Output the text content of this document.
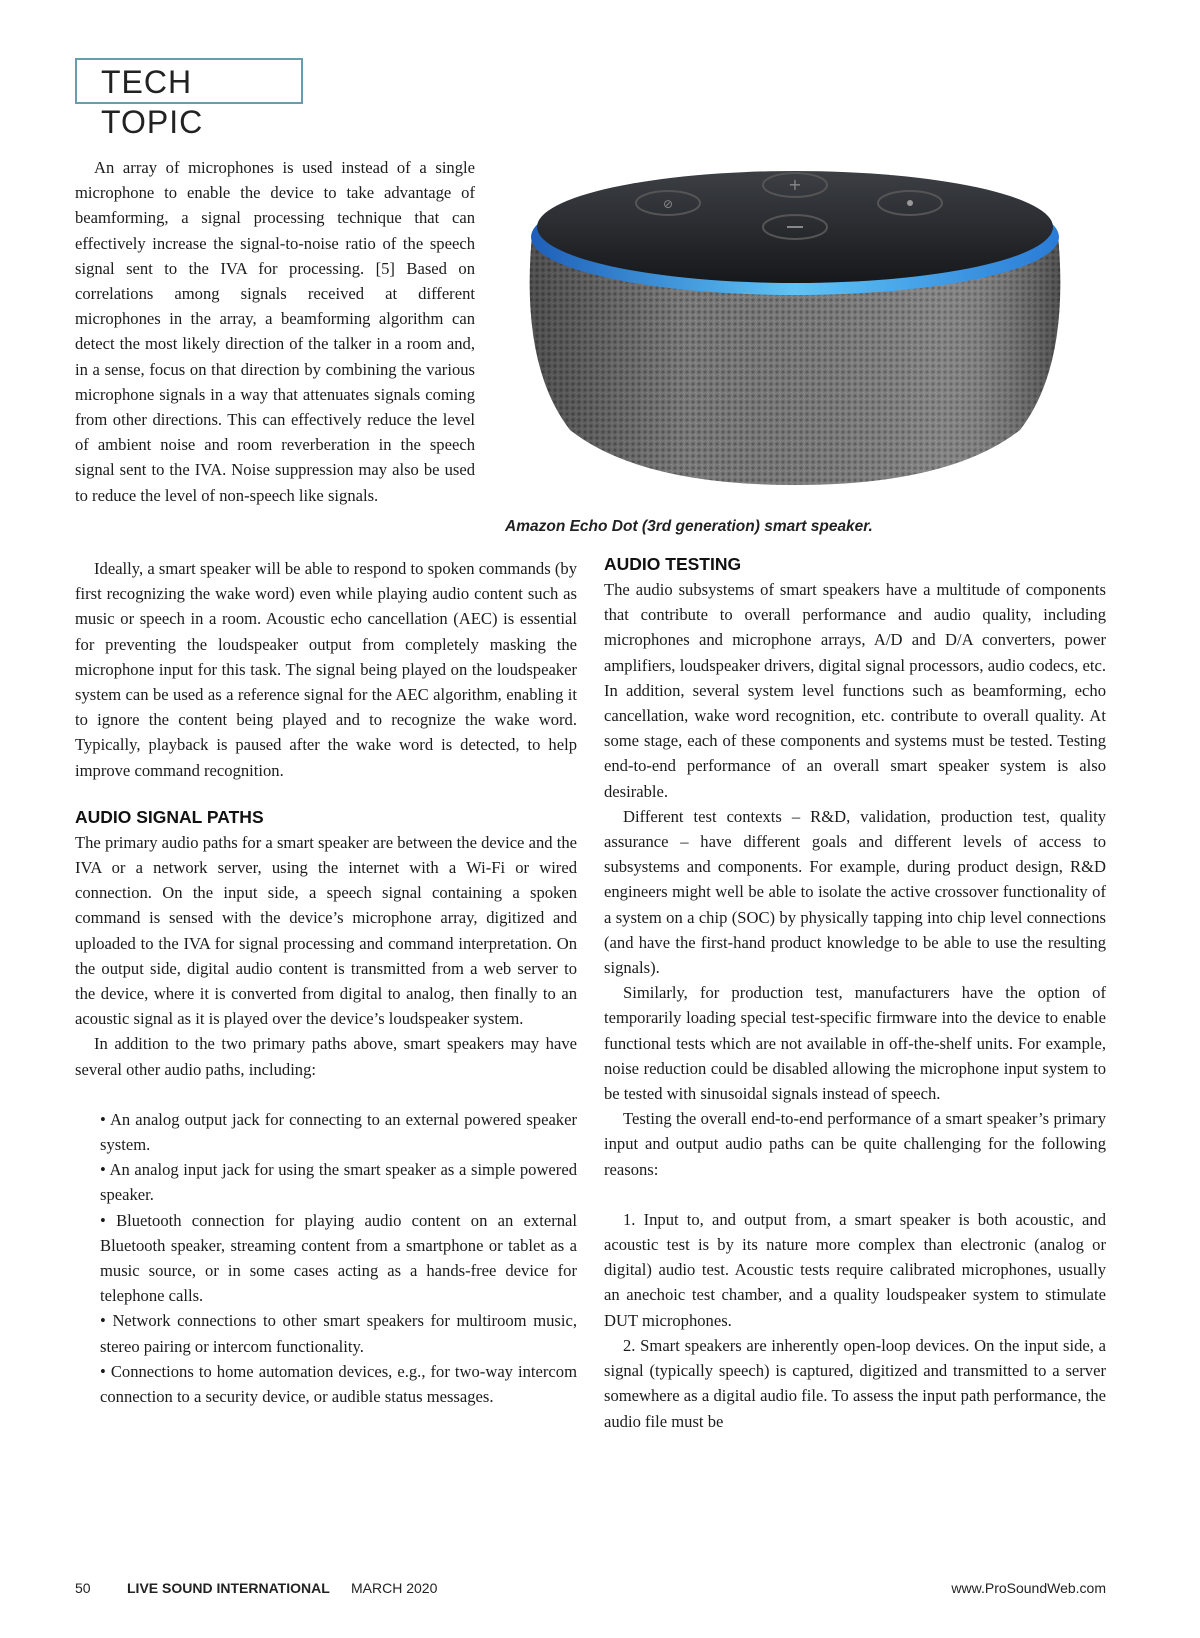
TECH TOPIC

An array of microphones is used instead of a single microphone to enable the device to take advantage of beamforming, a signal processing technique that can effectively increase the signal-to-noise ratio of the speech signal sent to the IVA for processing. [5] Based on correlations among signals received at different microphones in the array, a beamforming algorithm can detect the most likely direction of the talker in a room and, in a sense, focus on that direction by combining the various microphone signals in a way that attenuates signals coming from other directions. This can effectively reduce the level of ambient noise and room reverberation in the speech signal sent to the IVA. Noise suppression may also be used to reduce the level of non-speech like signals.

+
⊘

Amazon Echo Dot (3rd generation) smart speaker.

Ideally, a smart speaker will be able to respond to spoken commands (by first recognizing the wake word) even while playing audio content such as music or speech in a room. Acoustic echo cancellation (AEC) is essential for preventing the loudspeaker output from completely masking the microphone input for this task. The signal being played on the loudspeaker system can be used as a reference signal for the AEC algorithm, enabling it to ignore the content being played and to recognize the wake word. Typically, playback is paused after the wake word is detected, to help improve command recognition.

AUDIO SIGNAL PATHS

The primary audio paths for a smart speaker are between the device and the IVA or a network server, using the internet with a Wi-Fi or wired connection. On the input side, a speech signal containing a spoken command is sensed with the device’s microphone array, digitized and uploaded to the IVA for signal processing and command interpretation. On the output side, digital audio content is transmitted from a web server to the device, where it is converted from digital to analog, then finally to an acoustic signal as it is played over the device’s loudspeaker system.

In addition to the two primary paths above, smart speakers may have several other audio paths, including:

• An analog output jack for connecting to an external powered speaker system.

• An analog input jack for using the smart speaker as a simple powered speaker.

• Bluetooth connection for playing audio content on an external Bluetooth speaker, streaming content from a smartphone or tablet as a music source, or in some cases acting as a hands-free device for telephone calls.

• Network connections to other smart speakers for multiroom music, stereo pairing or intercom functionality.

• Connections to home automation devices, e.g., for two-way intercom connection to a security device, or audible status messages.

AUDIO TESTING

The audio subsystems of smart speakers have a multitude of components that contribute to overall performance and audio quality, including microphones and microphone arrays, A/D and D/A converters, power amplifiers, loudspeaker drivers, digital signal processors, audio codecs, etc. In addition, several system level functions such as beamforming, echo cancellation, wake word recognition, etc. contribute to overall quality. At some stage, each of these components and systems must be tested. Testing end-to-end performance of an overall smart speaker system is also desirable.

Different test contexts – R&D, validation, production test, quality assurance – have different goals and different levels of access to subsystems and components. For example, during product design, R&D engineers might well be able to isolate the active crossover functionality of a system on a chip (SOC) by physically tapping into chip level connections (and have the first-hand product knowledge to be able to use the resulting signals).

Similarly, for production test, manufacturers have the option of temporarily loading special test-specific firmware into the device to enable functional tests which are not available in off-the-shelf units. For example, noise reduction could be disabled allowing the microphone input system to be tested with sinusoidal signals instead of speech.

Testing the overall end-to-end performance of a smart speaker’s primary input and output audio paths can be quite challenging for the following reasons:

1. Input to, and output from, a smart speaker is both acoustic, and acoustic test is by its nature more complex than electronic (analog or digital) audio test. Acoustic tests require calibrated microphones, usually an anechoic test chamber, and a quality loudspeaker system to stimulate DUT microphones.

2. Smart speakers are inherently open-loop devices. On the input side, a signal (typically speech) is captured, digitized and transmitted to a server somewhere as a digital audio file. To assess the input path performance, the audio file must be

50	LIVE SOUND INTERNATIONAL MARCH 2020	www.ProSoundWeb.com
